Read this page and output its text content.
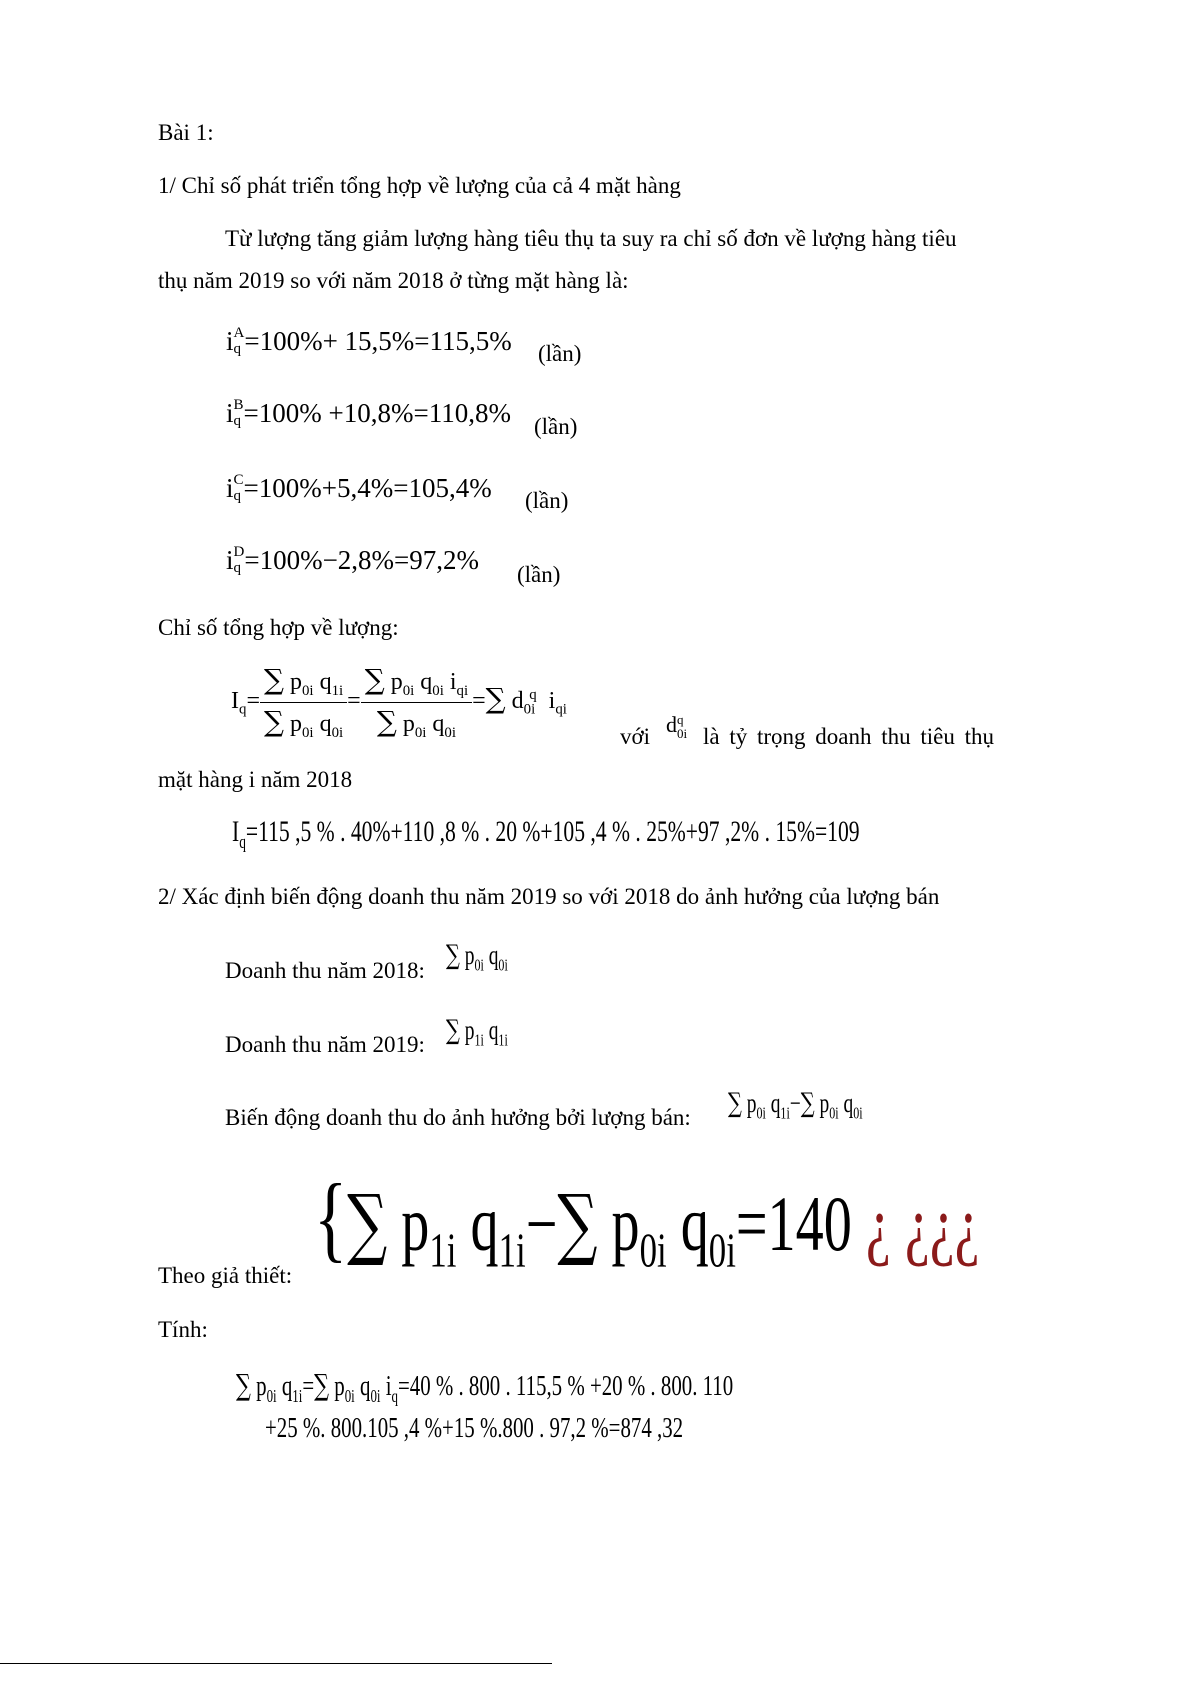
Bài 1:
1/ Chỉ số phát triển tổng hợp về lượng của cả 4 mặt hàng
Từ lượng tăng giảm lượng hàng tiêu thụ ta suy ra chỉ số đơn về lượng hàng tiêu
thụ năm 2019 so với năm 2018 ở từng mặt hàng là:
i A
q =100%+ 15,5%=115,5% (lần)
i B
q =100% +10,8%=110,8% (lần)
i C
q =100%+5,4%=105,4% (lần)
i D
q =100%−2,8%=97,2% (lần)
Chỉ số tổng hợp về lượng:
$I_q= \frac{\sum p_{0i} q_{1i}}{\sum p_{0i} q_{0i}} = \frac{\sum p_{0i} q_{0i} i_{qi}}{\sum p_{0i} q_{0i}}$ =∑ $d_{0i}^q$ $i_{qi}$
với d q
0i là tỷ trọng doanh thu tiêu thụ
mặt hàng i năm 2018
$I_q=115$ ,5 % . 40%+110 ,8 % . 20 %+105 ,4 % . 25%+97 ,2% . 15%=109
2/ Xác định biến động doanh thu năm 2019 so với 2018 do ảnh hưởng của lượng bán
Doanh thu năm 2018: ∑ $p_{0i}$ $q_{0i}$
Doanh thu năm 2019: ∑ $p_{1i}$ $q_{1i}$
Biến động doanh thu do ảnh hưởng bởi lượng bán: ∑ $p_{0i}$ $q_{1i}-\sum$ $p_{0i}$ $q_{0i}$
Theo giả thiết:
{∑ $p_{1i}$ $q_{1i}-\sum$ $p_{0i}$ $q_{0i}=140$ ¿ ¿¿¿
Tính:
∑ $p_{0i}$ $q_{1i}=\sum$ $p_{0i}$ $q_{0i}$ $i_q=40$ % . 800 . 115,5 % +20 % . 800. 110
+25 %. 800.105 ,4 %+15 %.800 . 97,2 %=874 ,32
